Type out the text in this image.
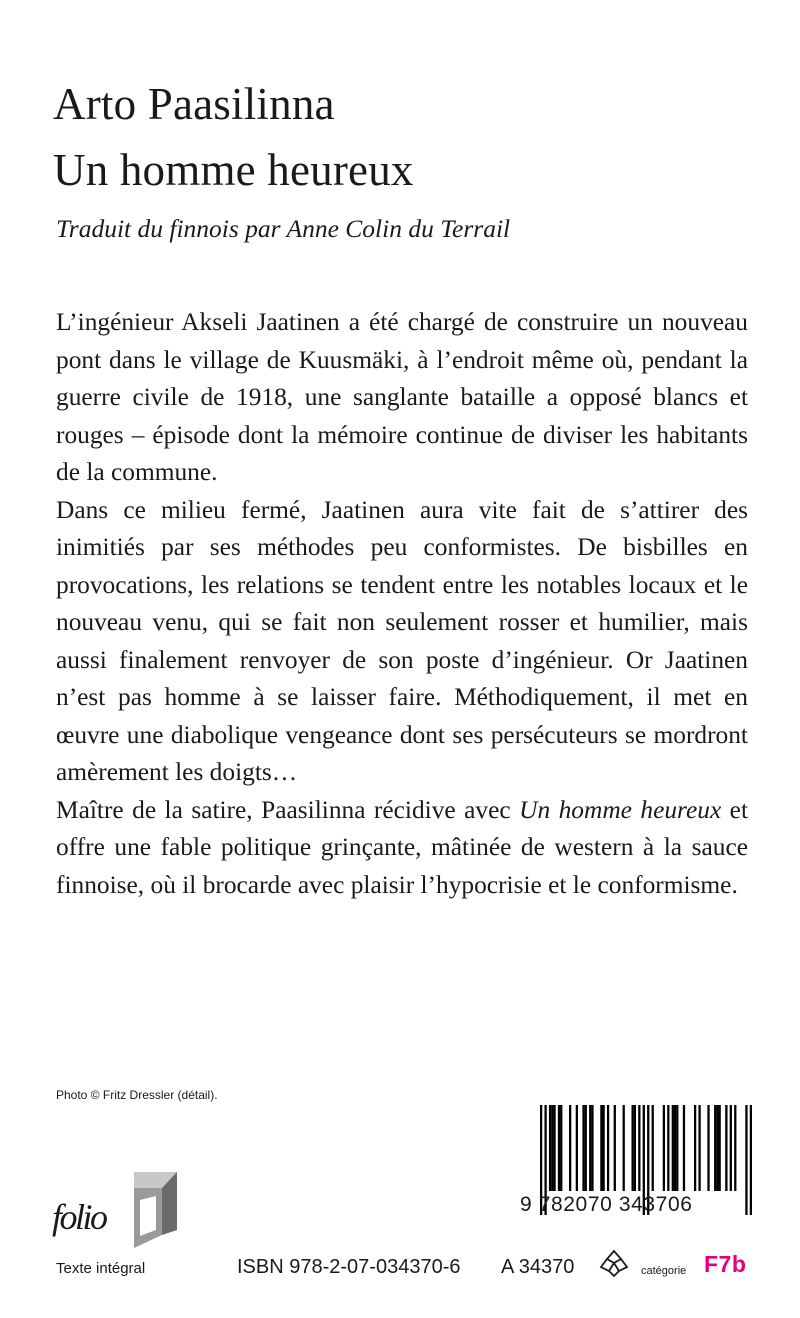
Arto Paasilinna
Un homme heureux
Traduit du finnois par Anne Colin du Terrail

L’ingénieur Akseli Jaatinen a été chargé de construire un nouveau pont dans le village de Kuusmäki, à l’endroit même où, pendant la guerre civile de 1918, une sanglante bataille a opposé blancs et rouges – épisode dont la mémoire continue de diviser les habitants de la commune.

Dans ce milieu fermé, Jaatinen aura vite fait de s’attirer des inimitiés par ses méthodes peu conformistes. De bisbilles en provocations, les relations se tendent entre les notables locaux et le nouveau venu, qui se fait non seulement rosser et humilier, mais aussi finalement renvoyer de son poste d’ingénieur. Or Jaatinen n’est pas homme à se laisser faire. Méthodiquement, il met en œuvre une diabolique vengeance dont ses persécuteurs se mordront amèrement les doigts…

Maître de la satire, Paasilinna récidive avec Un homme heureux et offre une fable politique grinçante, mâtinée de western à la sauce finnoise, où il brocarde avec plaisir l’hypocrisie et le conformisme.

Photo © Fritz Dressler (détail).
9 782070 343706
folio
Texte intégral	ISBN 978-2-07-034370-6 A 34370	catégorie F7b
